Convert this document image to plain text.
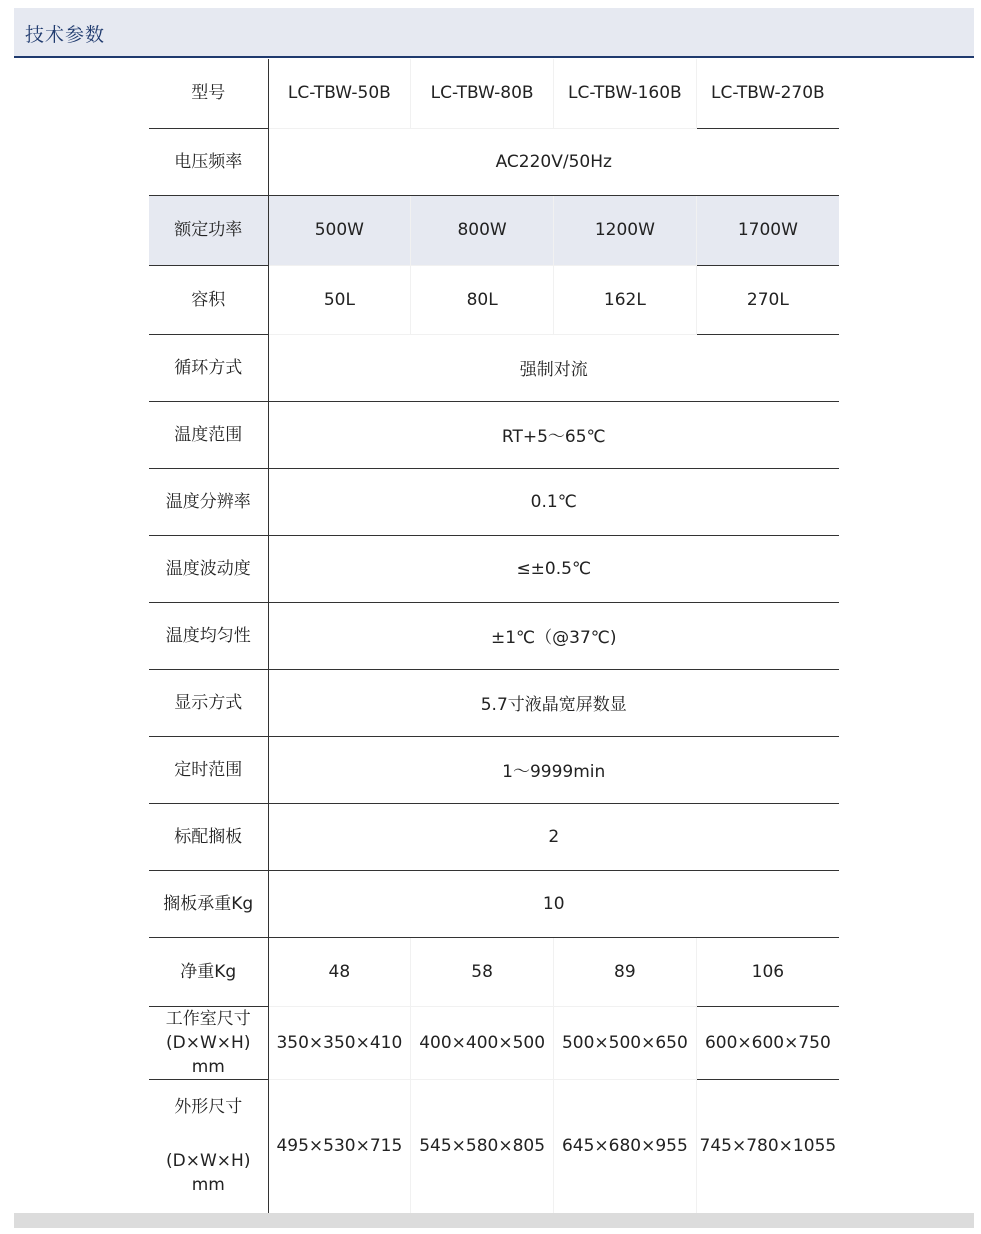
技术参数
型号	LC-TBW-50B	LC-TBW-80B	LC-TBW-160B	LC-TBW-270B
电压频率	AC220V/50Hz			
额定功率	500W	800W	1200W	1700W
容积	50L	80L	162L	270L
循环方式	强制对流			
温度范围	RT+5～65℃			
温度分辨率	0.1℃			
温度波动度	≤±0.5℃			
温度均匀性	±1℃（@37℃)			
显示方式	5.7寸液晶宽屏数显			
定时范围	1～9999min			
标配搁板	2			
搁板承重Kg	10			
净重Kg	48	58	89	106

工作室尺寸
(D×W×H)
mm	350×350×410	400×400×500	500×500×650	600×600×750

外形尺寸
(D×W×H)
mm	495×530×715	545×580×805	645×680×955	745×780×1055
